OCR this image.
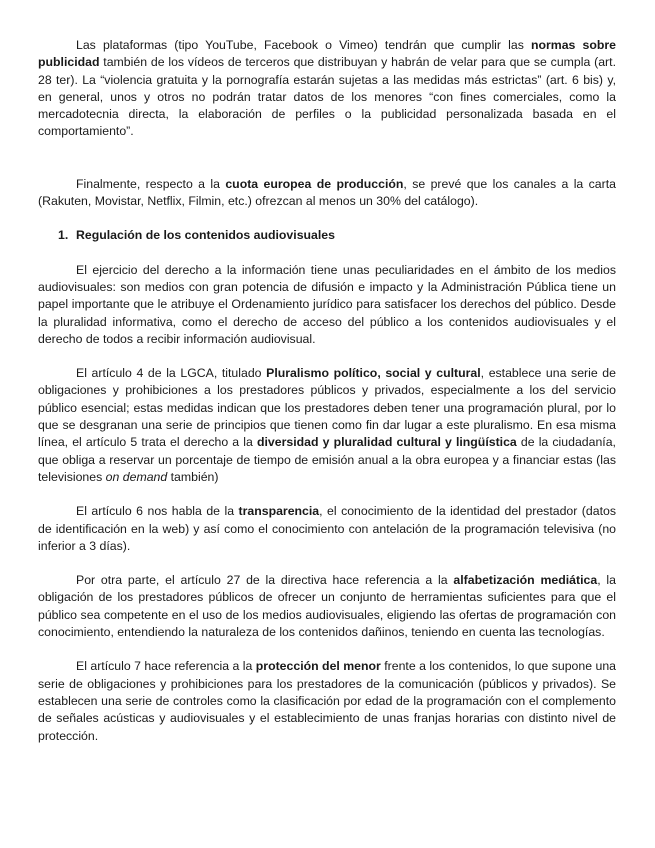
Las plataformas (tipo YouTube, Facebook o Vimeo) tendrán que cumplir las normas sobre publicidad también de los vídeos de terceros que distribuyan y habrán de velar para que se cumpla (art. 28 ter). La “violencia gratuita y la pornografía estarán sujetas a las medidas más estrictas” (art. 6 bis) y, en general, unos y otros no podrán tratar datos de los menores “con fines comerciales, como la mercadotecnia directa, la elaboración de perfiles o la publicidad personalizada basada en el comportamiento”.

Finalmente, respecto a la cuota europea de producción, se prevé que los canales a la carta (Rakuten, Movistar, Netflix, Filmin, etc.) ofrezcan al menos un 30% del catálogo).

1. Regulación de los contenidos audiovisuales

El ejercicio del derecho a la información tiene unas peculiaridades en el ámbito de los medios audiovisuales: son medios con gran potencia de difusión e impacto y la Administración Pública tiene un papel importante que le atribuye el Ordenamiento jurídico para satisfacer los derechos del público. Desde la pluralidad informativa, como el derecho de acceso del público a los contenidos audiovisuales y el derecho de todos a recibir información audiovisual.

El artículo 4 de la LGCA, titulado Pluralismo político, social y cultural, establece una serie de obligaciones y prohibiciones a los prestadores públicos y privados, especialmente a los del servicio público esencial; estas medidas indican que los prestadores deben tener una programación plural, por lo que se desgranan una serie de principios que tienen como fin dar lugar a este pluralismo. En esa misma línea, el artículo 5 trata el derecho a la diversidad y pluralidad cultural y lingüística de la ciudadanía, que obliga a reservar un porcentaje de tiempo de emisión anual a la obra europea y a financiar estas (las televisiones on demand también)

El artículo 6 nos habla de la transparencia, el conocimiento de la identidad del prestador (datos de identificación en la web) y así como el conocimiento con antelación de la programación televisiva (no inferior a 3 días).

Por otra parte, el artículo 27 de la directiva hace referencia a la alfabetización mediática, la obligación de los prestadores públicos de ofrecer un conjunto de herramientas suficientes para que el público sea competente en el uso de los medios audiovisuales, eligiendo las ofertas de programación con conocimiento, entendiendo la naturaleza de los contenidos dañinos, teniendo en cuenta las tecnologías.

El artículo 7 hace referencia a la protección del menor frente a los contenidos, lo que supone una serie de obligaciones y prohibiciones para los prestadores de la comunicación (públicos y privados). Se establecen una serie de controles como la clasificación por edad de la programación con el complemento de señales acústicas y audiovisuales y el establecimiento de unas franjas horarias con distinto nivel de protección.
